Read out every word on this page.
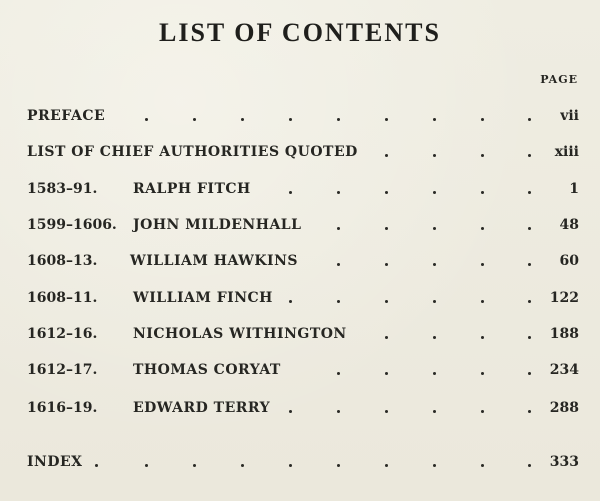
LIST OF CONTENTS
PAGE
PREFACE	vii
LIST OF CHIEF AUTHORITIES QUOTED	xiii
1583–91.	RALPH FITCH	1
1599–1606. JOHN MILDENHALL	48
1608–13. WILLIAM HAWKINS	60
1608–11.	WILLIAM FINCH	122
1612–16.	NICHOLAS WITHINGTON	188
1612–17.	THOMAS CORYAT	234
1616–19.	EDWARD TERRY	288
INDEX	333
